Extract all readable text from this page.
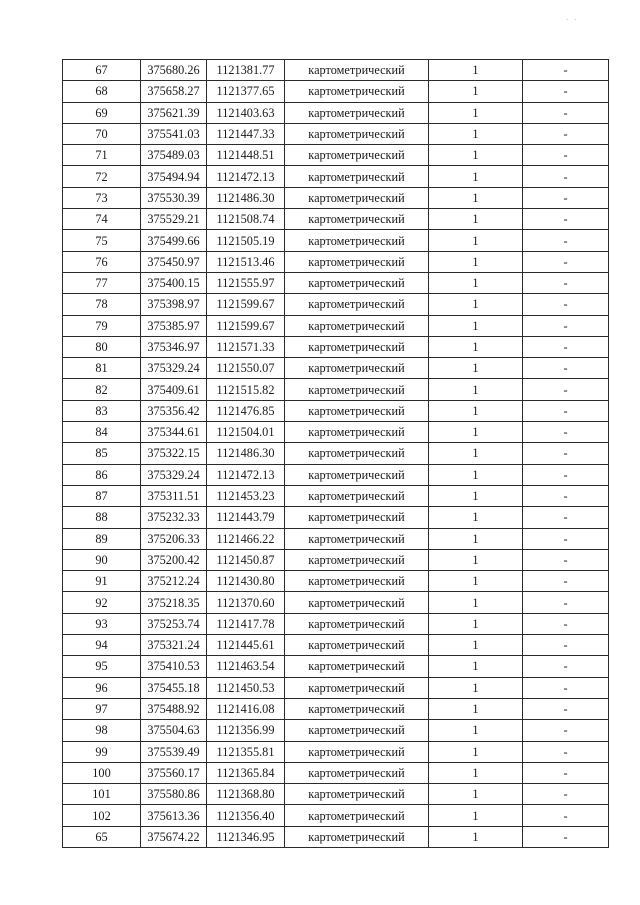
· ·
67	375680.26	1121381.77	картометрический	1	-
68	375658.27	1121377.65	картометрический	1	-
69	375621.39	1121403.63	картометрический	1	-
70	375541.03	1121447.33	картометрический	1	-
71	375489.03	1121448.51	картометрический	1	-
72	375494.94	1121472.13	картометрический	1	-
73	375530.39	1121486.30	картометрический	1	-
74	375529.21	1121508.74	картометрический	1	-
75	375499.66	1121505.19	картометрический	1	-
76	375450.97	1121513.46	картометрический	1	-
77	375400.15	1121555.97	картометрический	1	-
78	375398.97	1121599.67	картометрический	1	-
79	375385.97	1121599.67	картометрический	1	-
80	375346.97	1121571.33	картометрический	1	-
81	375329.24	1121550.07	картометрический	1	-
82	375409.61	1121515.82	картометрический	1	-
83	375356.42	1121476.85	картометрический	1	-
84	375344.61	1121504.01	картометрический	1	-
85	375322.15	1121486.30	картометрический	1	-
86	375329.24	1121472.13	картометрический	1	-
87	375311.51	1121453.23	картометрический	1	-
88	375232.33	1121443.79	картометрический	1	-
89	375206.33	1121466.22	картометрический	1	-
90	375200.42	1121450.87	картометрический	1	-
91	375212.24	1121430.80	картометрический	1	-
92	375218.35	1121370.60	картометрический	1	-
93	375253.74	1121417.78	картометрический	1	-
94	375321.24	1121445.61	картометрический	1	-
95	375410.53	1121463.54	картометрический	1	-
96	375455.18	1121450.53	картометрический	1	-
97	375488.92	1121416.08	картометрический	1	-
98	375504.63	1121356.99	картометрический	1	-
99	375539.49	1121355.81	картометрический	1	-
100	375560.17	1121365.84	картометрический	1	-
101	375580.86	1121368.80	картометрический	1	-
102	375613.36	1121356.40	картометрический	1	-
65	375674.22	1121346.95	картометрический	1	-
